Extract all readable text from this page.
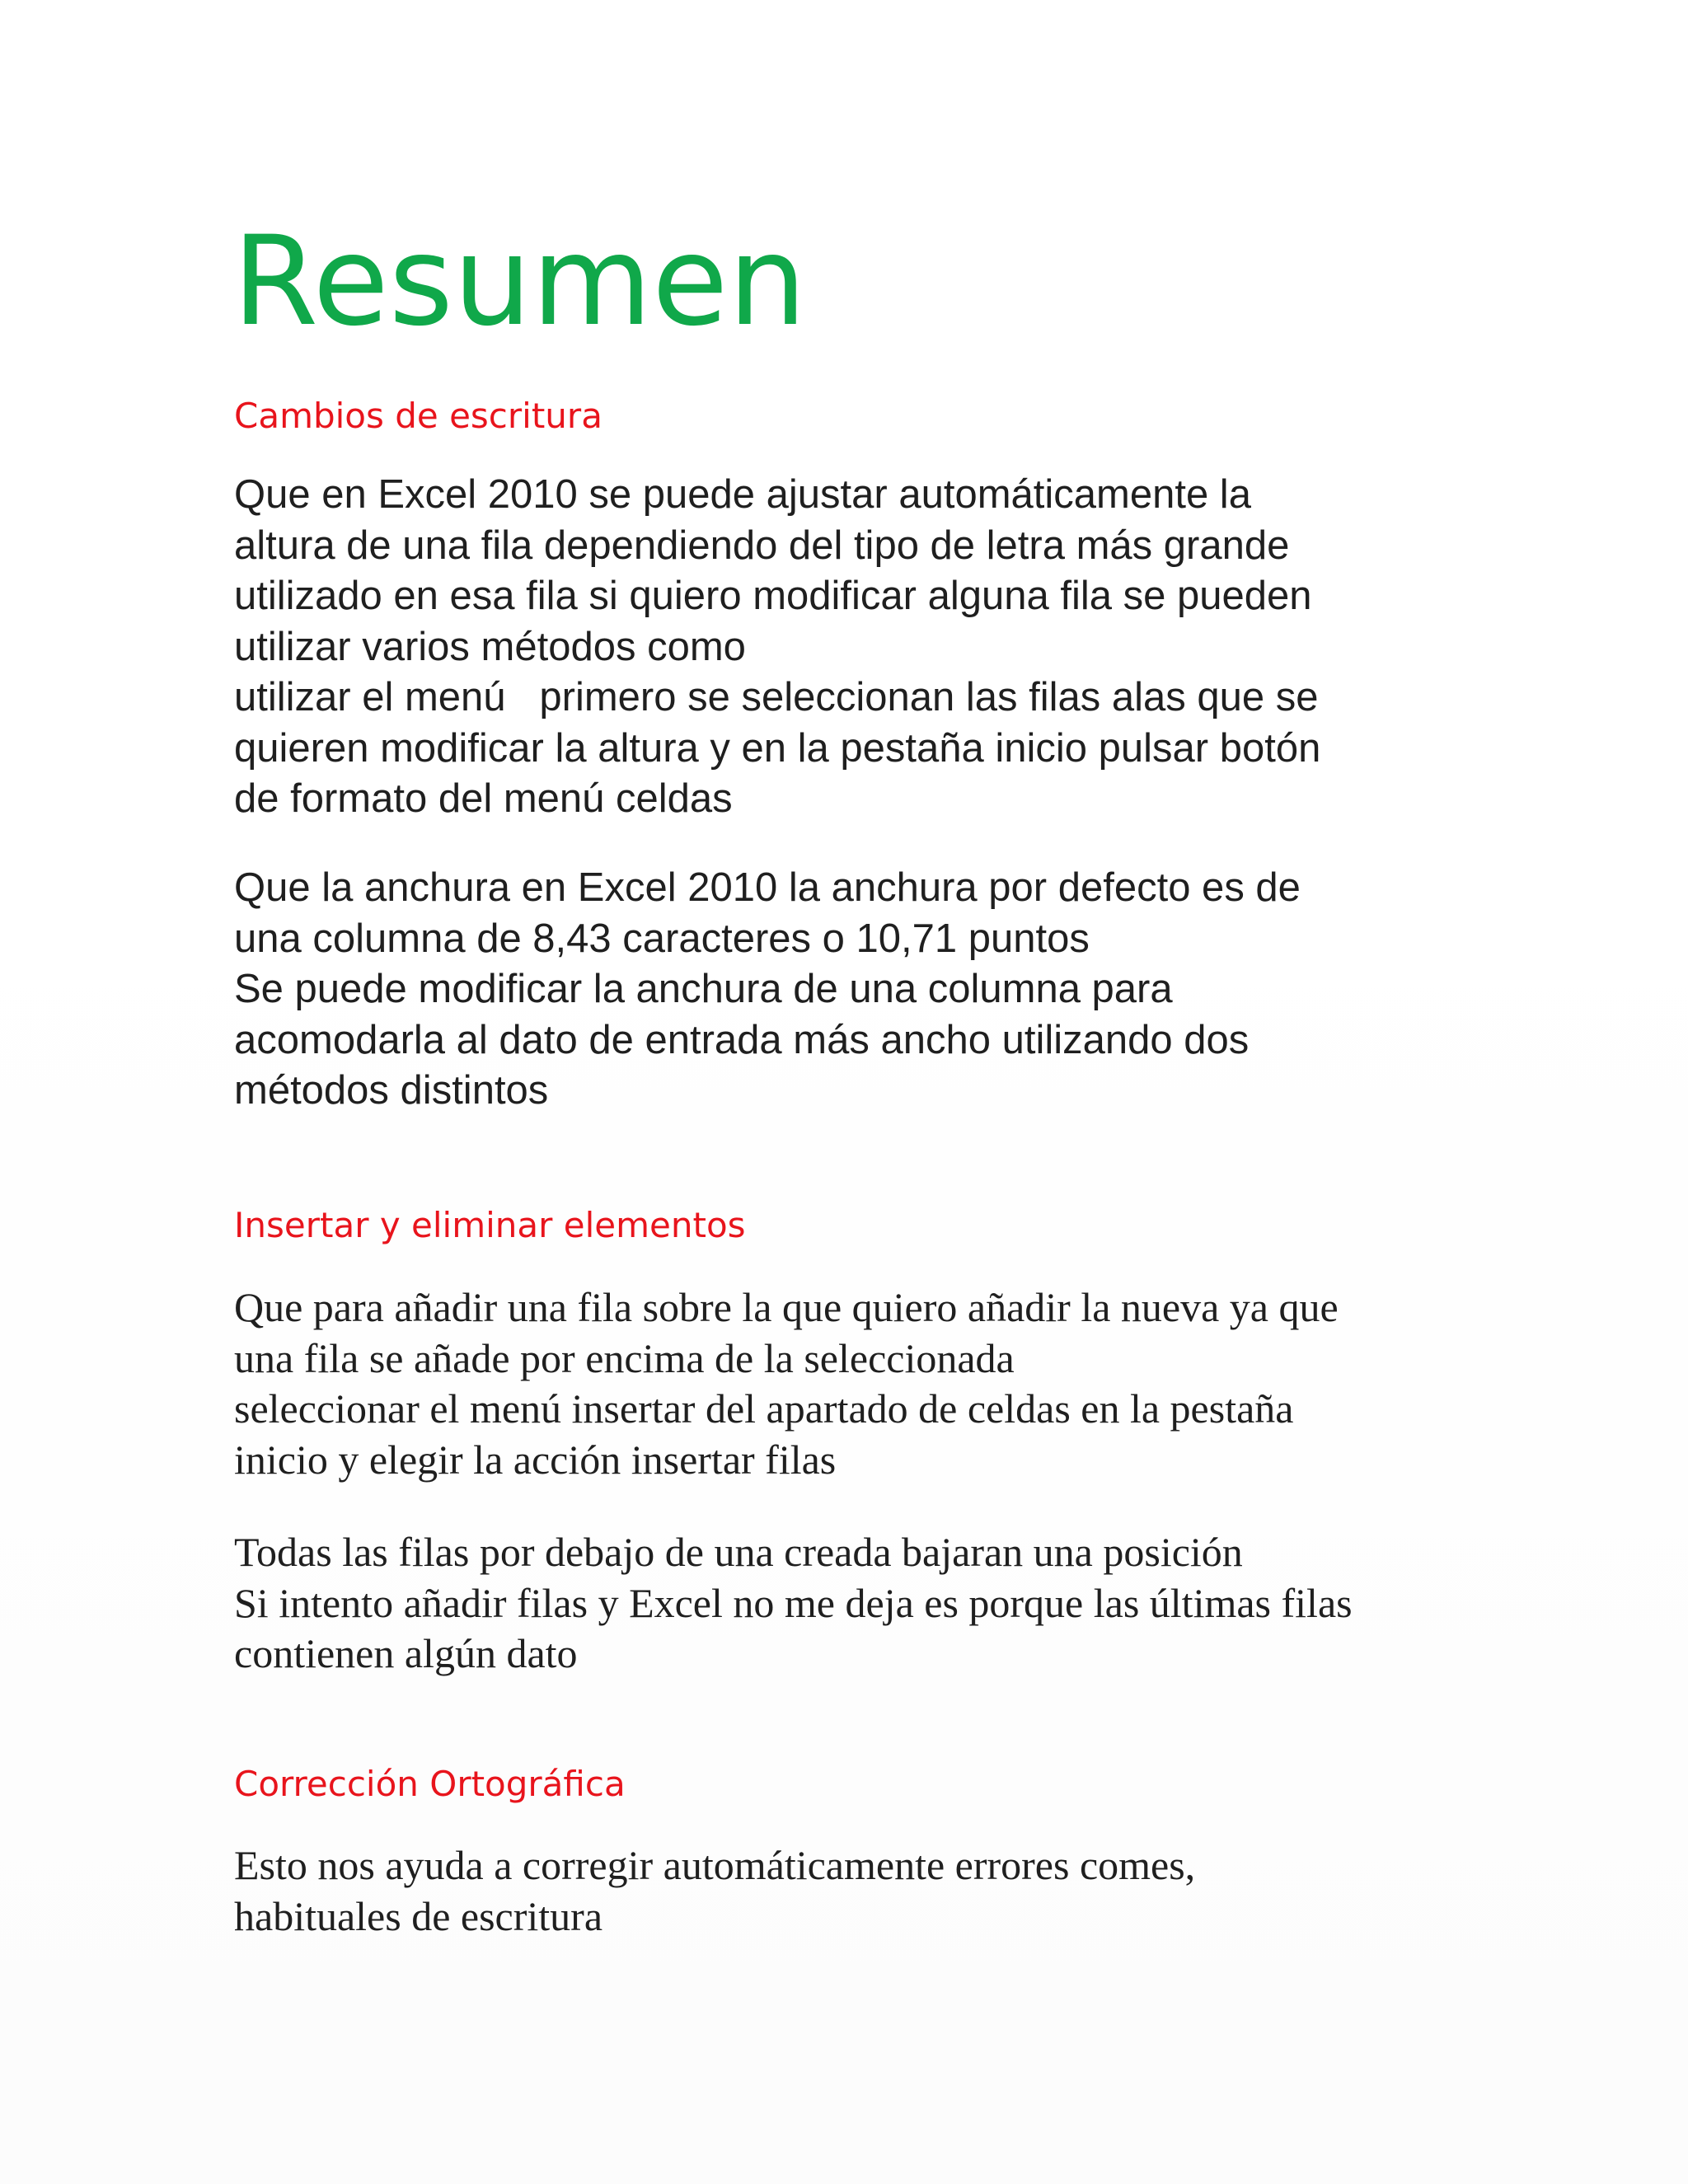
Resumen
Cambios de escritura
Que en Excel 2010 se puede ajustar automáticamente la
altura de una fila dependiendo del tipo de letra más grande
utilizado en esa fila si quiero modificar alguna fila se pueden
utilizar varios métodos como
utilizar el menú   primero se seleccionan las filas alas que se
quieren modificar la altura y en la pestaña inicio pulsar botón
de formato del menú celdas
Que la anchura en Excel 2010 la anchura por defecto es de
una columna de 8,43 caracteres o 10,71 puntos
Se puede modificar la anchura de una columna para
acomodarla al dato de entrada más ancho utilizando dos
métodos distintos
Insertar y eliminar elementos
Que para añadir una fila sobre la que quiero añadir la nueva ya que
una fila se añade por encima de la seleccionada
seleccionar el menú insertar del apartado de celdas en la pestaña
inicio y elegir la acción insertar filas
Todas las filas por debajo de una creada bajaran una posición
Si intento añadir filas y Excel no me deja es porque las últimas filas
contienen algún dato
Corrección Ortográfica
Esto nos ayuda a corregir automáticamente errores comes,
habituales de escritura
